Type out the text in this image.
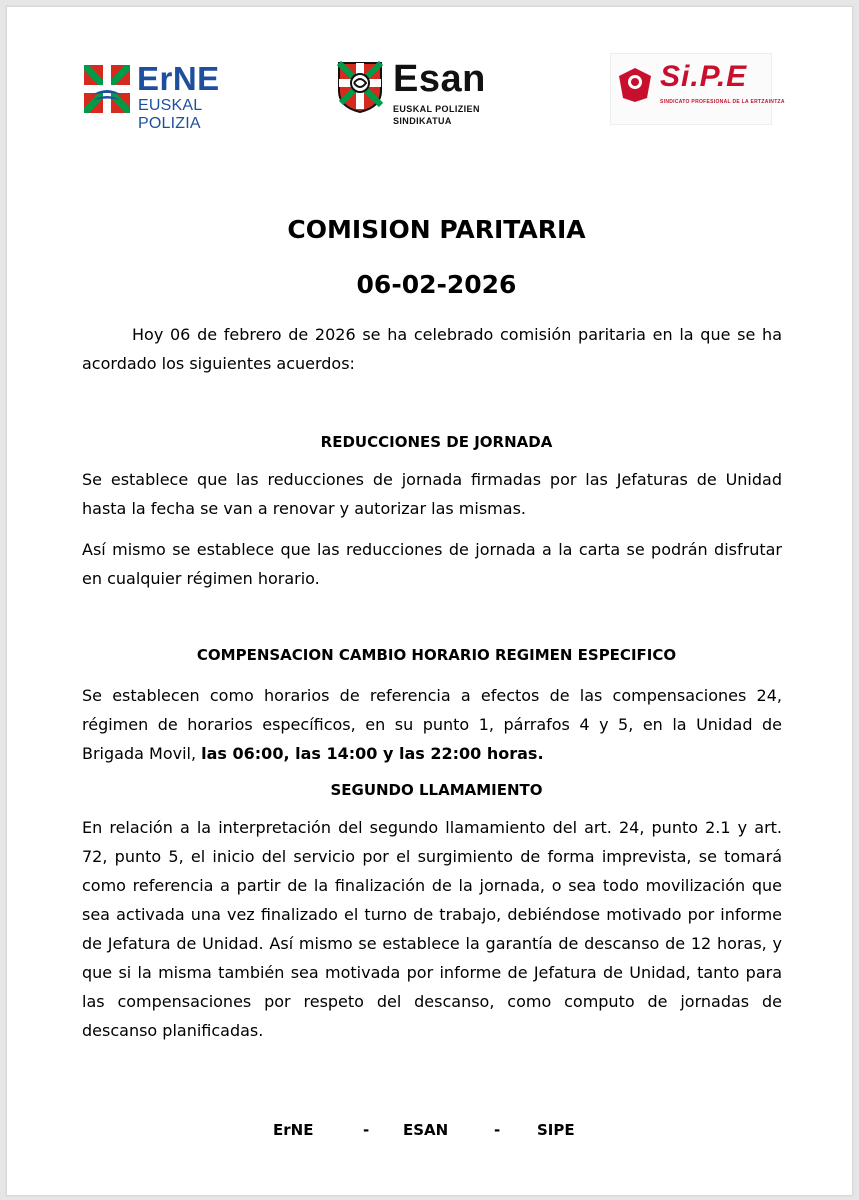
ErNE
EUSKAL POLIZIA
Esan
EUSKAL POLIZIEN SINDIKATUA
Si.P.E
SINDICATO PROFESIONAL DE LA ERTZAINTZA
COMISION PARITARIA
06-02-2026
Hoy 06 de febrero de 2026 se ha celebrado comisión paritaria en la que se ha acordado los siguientes acuerdos:
REDUCCIONES DE JORNADA
Se establece que las reducciones de jornada firmadas por las Jefaturas de Unidad hasta la fecha se van a renovar y autorizar las mismas.
Así mismo se establece que las reducciones de jornada a la carta se podrán disfrutar en cualquier régimen horario.
COMPENSACION CAMBIO HORARIO REGIMEN ESPECIFICO
Se establecen como horarios de referencia a efectos de las compensaciones 24, régimen de horarios específicos, en su punto 1, párrafos 4 y 5, en la Unidad de Brigada Movil, las 06:00, las 14:00 y las 22:00 horas.
SEGUNDO LLAMAMIENTO
En relación a la interpretación del segundo llamamiento del art. 24, punto 2.1 y art. 72, punto 5, el inicio del servicio por el surgimiento de forma imprevista, se tomará como referencia a partir de la finalización de la jornada, o sea todo movilización que sea activada una vez finalizado el turno de trabajo, debiéndose motivado por informe de Jefatura de Unidad. Así mismo se establece la garantía de descanso de 12 horas, y que si la misma también sea motivada por informe de Jefatura de Unidad, tanto para las compensaciones por respeto del descanso, como computo de jornadas de descanso planificadas.
ErNE	- ESAN	- SIPE
